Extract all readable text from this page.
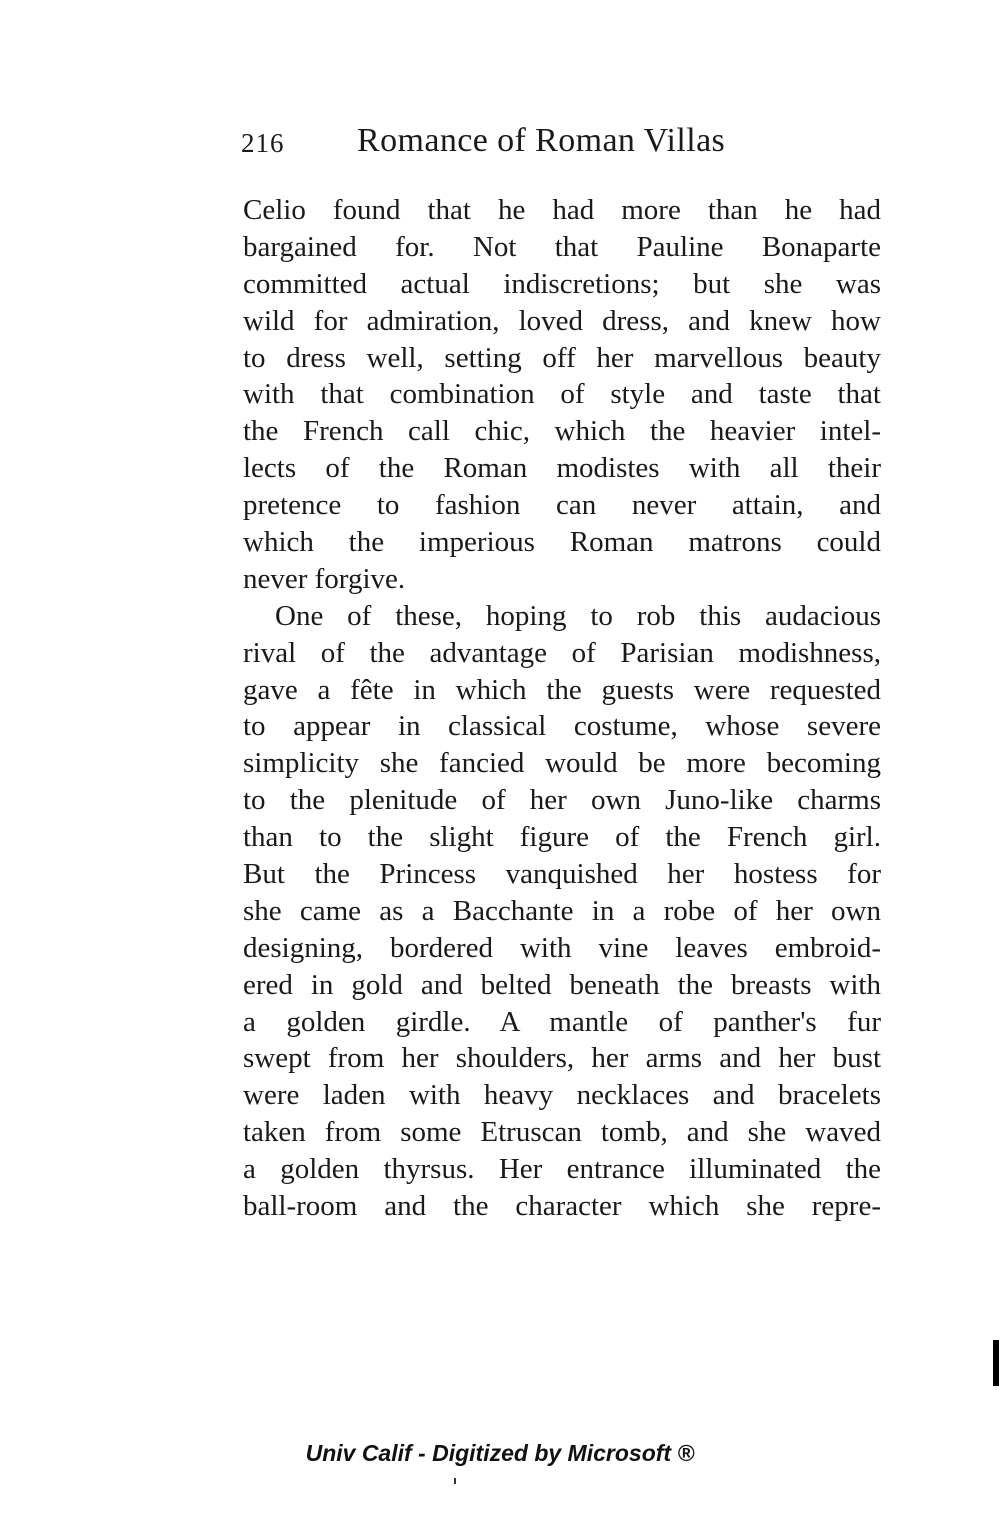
216 Romance of Roman Villas
Celio found that he had more than he had
bargained for. Not that Pauline Bonaparte
committed actual indiscretions; but she was
wild for admiration, loved dress, and knew how
to dress well, setting off her marvellous beauty
with that combination of style and taste that
the French call chic, which the heavier intel-
lects of the Roman modistes with all their
pretence to fashion can never attain, and
which the imperious Roman matrons could
never forgive.
One of these, hoping to rob this audacious
rival of the advantage of Parisian modishness,
gave a fête in which the guests were requested
to appear in classical costume, whose severe
simplicity she fancied would be more becoming
to the plenitude of her own Juno-like charms
than to the slight figure of the French girl.
But the Princess vanquished her hostess for
she came as a Bacchante in a robe of her own
designing, bordered with vine leaves embroid-
ered in gold and belted beneath the breasts with
a golden girdle. A mantle of panther's fur
swept from her shoulders, her arms and her bust
were laden with heavy necklaces and bracelets
taken from some Etruscan tomb, and she waved
a golden thyrsus. Her entrance illuminated the
ball-room and the character which she repre-
Univ Calif - Digitized by Microsoft ®
